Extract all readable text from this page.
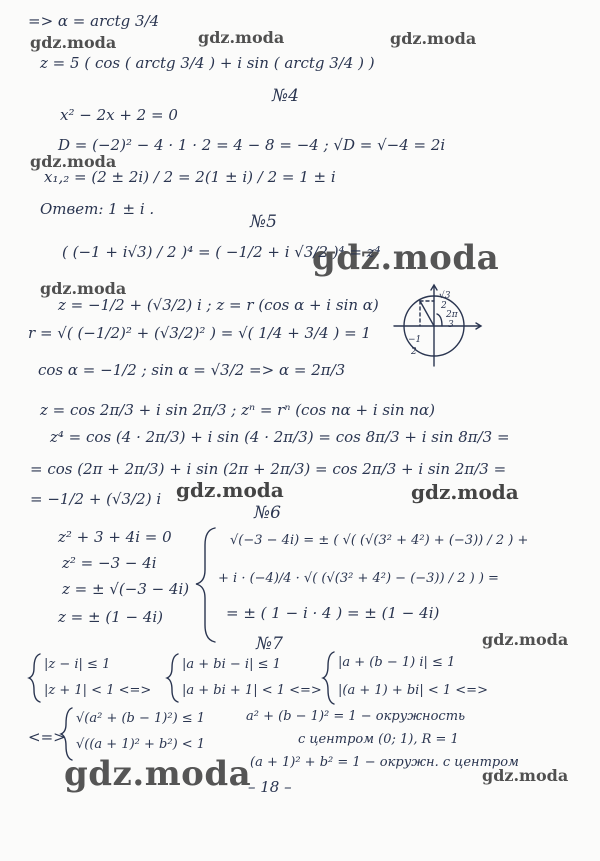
gdz.moda	gdz.moda	gdz.moda
gdz.moda
gdz.moda
gdz.moda
gdz.moda	gdz.moda
gdz.moda
gdz.moda	gdz.moda
=> α = arctg 3/4
z = 5 ( cos ( arctg 3/4 ) + i sin ( arctg 3/4 ) )
№4
x² − 2x + 2 = 0
D = (−2)² − 4 · 1 · 2 = 4 − 8 = −4 ; √D = √−4 = 2i
x₁,₂ = (2 ± 2i) / 2 = 2(1 ± i) / 2 = 1 ± i
Ответ: 1 ± i .
№5
( (−1 + i√3) / 2 )⁴ = ( −1/2 + i √3/2 )⁴ = z⁴
z = −1/2 + (√3/2) i ; z = r (cos α + i sin α)
r = √( (−1/2)² + (√3/2)² ) = √( 1/4 + 3/4 ) = 1
cos α = −1/2 ; sin α = √3/2 => α = 2π/3
z = cos 2π/3 + i sin 2π/3 ; zⁿ = rⁿ (cos nα + i sin nα)
z⁴ = cos (4 · 2π/3) + i sin (4 · 2π/3) = cos 8π/3 + i sin 8π/3 =
= cos (2π + 2π/3) + i sin (2π + 2π/3) = cos 2π/3 + i sin 2π/3 =
= −1/2 + (√3/2) i
№6
z² + 3 + 4i = 0
z² = −3 − 4i
z = ± √(−3 − 4i)
z = ± (1 − 4i)
√(−3 − 4i) = ± ( √( (√(3² + 4²) + (−3)) / 2 ) +
+ i · (−4)/4 · √( (√(3² + 4²) − (−3)) / 2 ) ) =
= ± ( 1 − i · 4 ) = ± (1 − 4i)
№7
|z − i| ≤ 1
|z + 1| < 1 <=>
|a + bi − i| ≤ 1
|a + bi + 1| < 1 <=>
|a + (b − 1) i| ≤ 1
|(a + 1) + bi| < 1 <=>
<=>
√(a² + (b − 1)²) ≤ 1
√((a + 1)² + b²) < 1
a² + (b − 1)² = 1 − окружность
с центром (0; 1), R = 1
(a + 1)² + b² = 1 − окружн. с центром
– 18 –
√3
2
2π
3
−1
2
